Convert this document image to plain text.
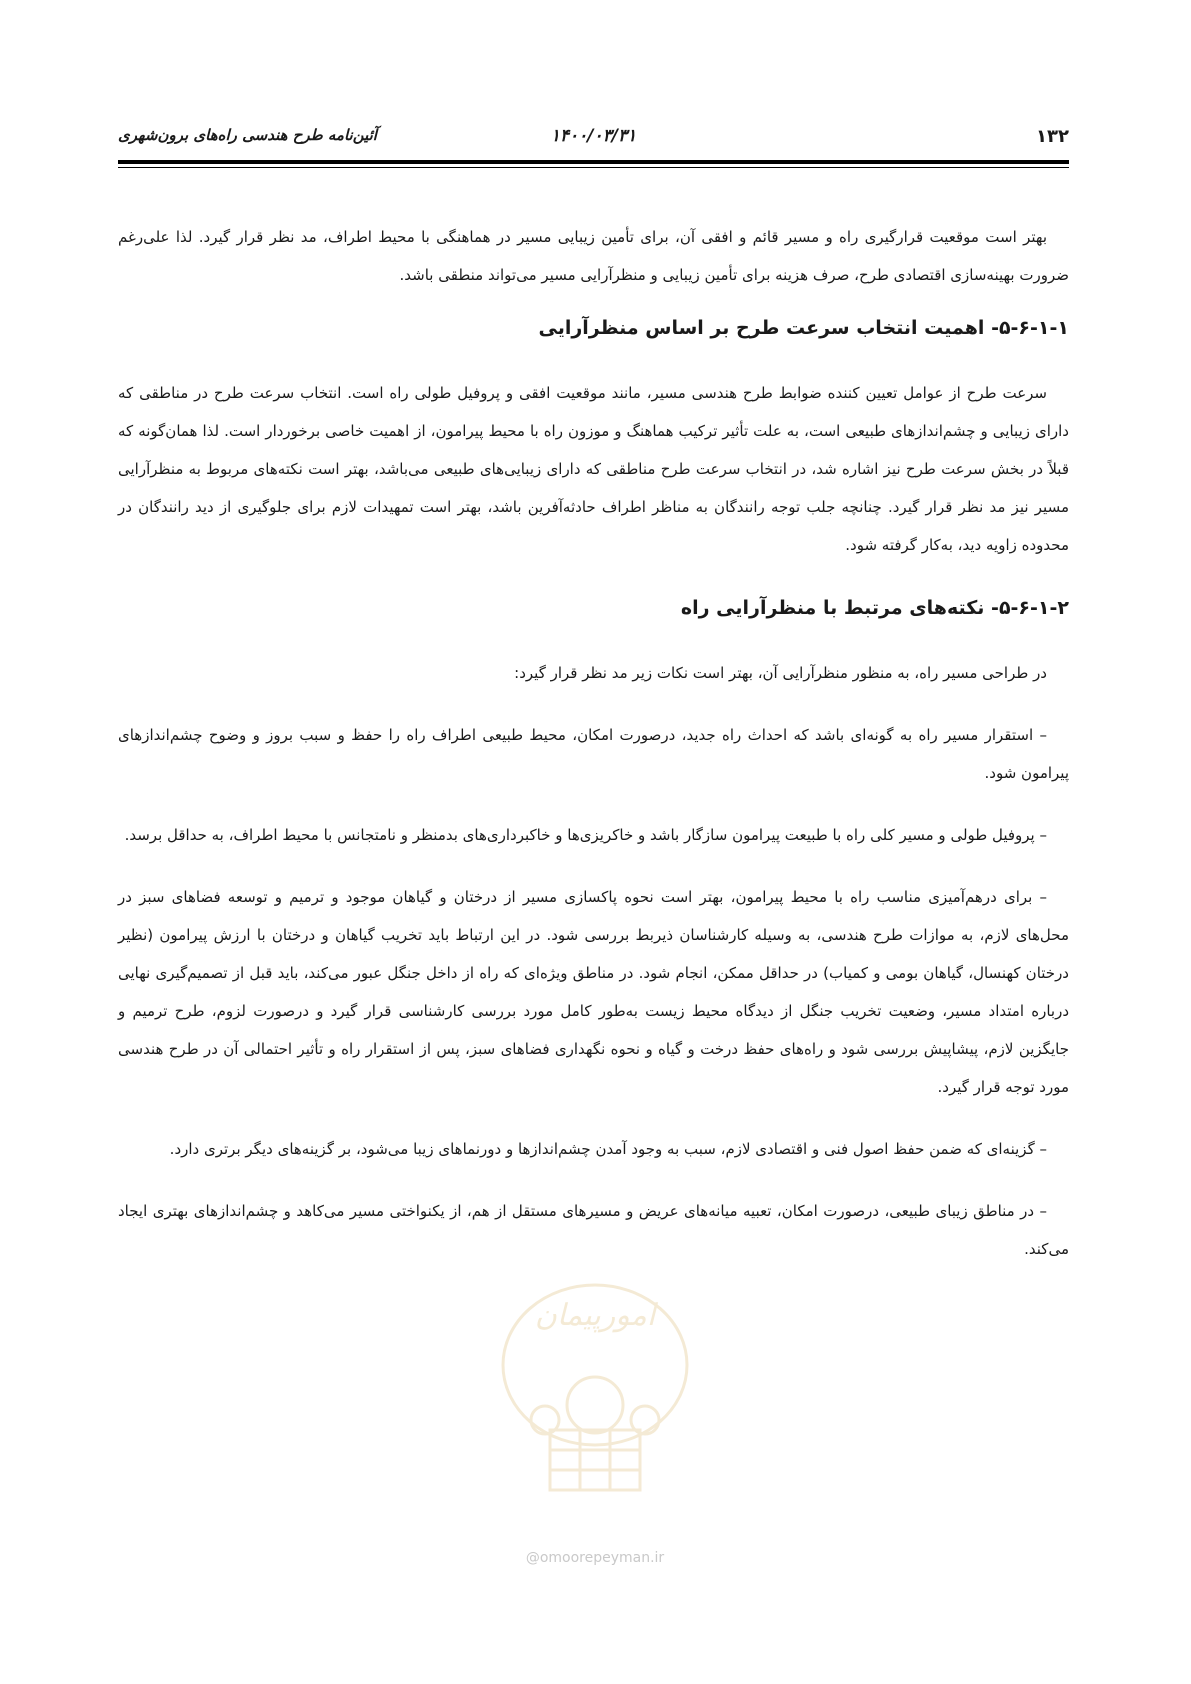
۱۳۲
۱۴۰۰/۰۳/۳۱
آئین‌نامه طرح هندسی راه‌های برون‌شهری

بهتر است موقعیت قرارگیری راه و مسیر قائم و افقی آن، برای تأمین زیبایی مسیر در هماهنگی با محیط اطراف، مد نظر قرار گیرد. لذا علی‌رغم ضرورت بهینه‌سازی اقتصادی طرح، صرف هزینه برای تأمین زیبایی و منظرآرایی مسیر می‌تواند منطقی باشد.

۵-۶-۱-۱- اهمیت انتخاب سرعت طرح بر اساس منظرآرایی

سرعت طرح از عوامل تعیین کننده ضوابط طرح هندسی مسیر، مانند موقعیت افقی و پروفیل طولی راه است. انتخاب سرعت طرح در مناطقی که دارای زیبایی و چشم‌اندازهای طبیعی است، به علت تأثیر ترکیب هماهنگ و موزون راه با محیط پیرامون، از اهمیت خاصی برخوردار است. لذا همان‌گونه که قبلاً در بخش سرعت طرح نیز اشاره شد، در انتخاب سرعت طرح مناطقی که دارای زیبایی‌های طبیعی می‌باشد، بهتر است نکته‌های مربوط به منظرآرایی مسیر نیز مد نظر قرار گیرد. چنانچه جلب توجه رانندگان به مناظر اطراف حادثه‌آفرین باشد، بهتر است تمهیدات لازم برای جلوگیری از دید رانندگان در محدوده زاویه دید، به‌کار گرفته شود.

۵-۶-۱-۲- نکته‌های مرتبط با منظرآرایی راه

در طراحی مسیر راه، به منظور منظرآرایی آن، بهتر است نکات زیر مد نظر قرار گیرد:

– استقرار مسیر راه به گونه‌ای باشد که احداث راه جدید، درصورت امکان، محیط طبیعی اطراف راه را حفظ و سبب بروز و وضوح چشم‌اندازهای پیرامون شود.

– پروفیل طولی و مسیر کلی راه با طبیعت پیرامون سازگار باشد و خاکریزی‌ها و خاکبرداری‌های بدمنظر و نامتجانس با محیط اطراف، به حداقل برسد.

– برای درهم‌آمیزی مناسب راه با محیط پیرامون، بهتر است نحوه پاکسازی مسیر از درختان و گیاهان موجود و ترمیم و توسعه فضاهای سبز در محل‌های لازم، به موازات طرح هندسی، به وسیله کارشناسان ذیربط بررسی شود. در این ارتباط باید تخریب گیاهان و درختان با ارزش پیرامون (نظیر درختان کهنسال، گیاهان بومی و کمیاب) در حداقل ممکن، انجام شود. در مناطق ویژه‌ای که راه از داخل جنگل عبور می‌کند، باید قبل از تصمیم‌گیری نهایی درباره امتداد مسیر، وضعیت تخریب جنگل از دیدگاه محیط زیست به‌طور کامل مورد بررسی کارشناسی قرار گیرد و درصورت لزوم، طرح ترمیم و جایگزین لازم، پیشاپیش بررسی شود و راه‌های حفظ درخت و گیاه و نحوه نگهداری فضاهای سبز، پس از استقرار راه و تأثیر احتمالی آن در طرح هندسی مورد توجه قرار گیرد.

– گزینه‌ای که ضمن حفظ اصول فنی و اقتصادی لازم، سبب به وجود آمدن چشم‌اندازها و دورنماهای زیبا می‌شود، بر گزینه‌های دیگر برتری دارد.

– در مناطق زیبای طبیعی، درصورت امکان، تعبیه میانه‌های عریض و مسیرهای مستقل از هم، از یکنواختی مسیر می‌کاهد و چشم‌اندازهای بهتری ایجاد می‌کند.

امورپیمان
@omoorepeyman.ir
